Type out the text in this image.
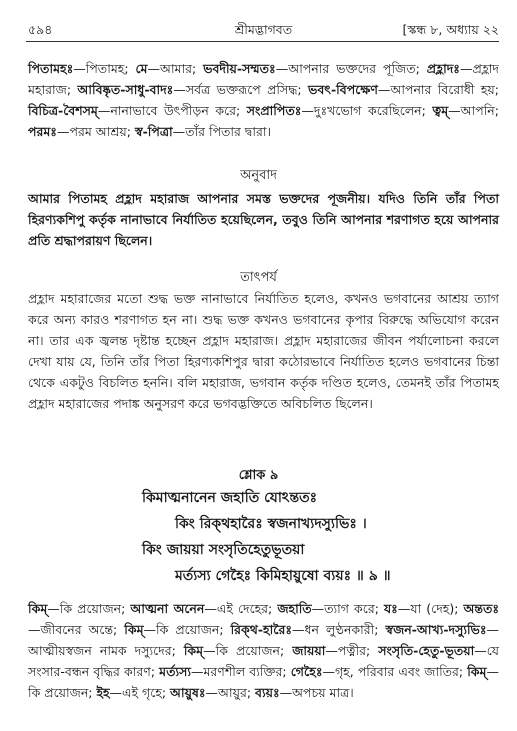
৫৯৪	শ্রীমদ্ভাগবত	[স্কন্ধ ৮, অধ্যায় ২২
পিতামহঃ—পিতামহ; মে—আমার; ভবদীয়-সম্মতঃ—আপনার ভক্তদের পূজিত; প্রহ্লাদঃ—প্রহ্লাদ মহারাজ; আবিষ্কৃত-সাধু-বাদঃ—সর্বত্র ভক্তরূপে প্রসিদ্ধ; ভবৎ-বিপক্ষেণ—আপনার বিরোধী হয়; বিচিত্র-বৈশসম্—নানাভাবে উৎপীড়ন করে; সংপ্রাপিতঃ—দুঃখভোগ করেছিলেন; ত্বম্—আপনি; পরমঃ—পরম আশ্রয়; স্ব-পিত্রা—তাঁর পিতার দ্বারা।
অনুবাদ
আমার পিতামহ প্রহ্লাদ মহারাজ আপনার সমস্ত ভক্তদের পূজনীয়। যদিও তিনি তাঁর পিতা হিরণ্যকশিপু কর্তৃক নানাভাবে নির্যাতিত হয়েছিলেন, তবুও তিনি আপনার শরণাগত হয়ে আপনার প্রতি শ্রদ্ধাপরায়ণ ছিলেন।
তাৎপর্য
প্রহ্লাদ মহারাজের মতো শুদ্ধ ভক্ত নানাভাবে নির্যাতিত হলেও, কখনও ভগবানের আশ্রয় ত্যাগ করে অন্য কারও শরণাগত হন না। শুদ্ধ ভক্ত কখনও ভগবানের কৃপার বিরুদ্ধে অভিযোগ করেন না। তার এক জ্বলন্ত দৃষ্টান্ত হচ্ছেন প্রহ্লাদ মহারাজ। প্রহ্লাদ মহারাজের জীবন পর্যালোচনা করলে দেখা যায় যে, তিনি তাঁর পিতা হিরণ্যকশিপুর দ্বারা কঠোরভাবে নির্যাতিত হলেও ভগবানের চিন্তা থেকে একটুও বিচলিত হননি। বলি মহারাজ, ভগবান কর্তৃক দণ্ডিত হলেও, তেমনই তাঁর পিতামহ প্রহ্লাদ মহারাজের পদাঙ্ক অনুসরণ করে ভগবদ্ভক্তিতে অবিচলিত ছিলেন।
শ্লোক ৯
কিমাত্মনানেন জহাতি যোঽন্ততঃ
কিং রিক্থহারৈঃ স্বজনাখ্যদস্যুভিঃ ।
কিং জায়য়া সংসৃতিহেতুভূতয়া
মর্ত্যস্য গেহৈঃ কিমিহায়ুষো ব্যয়ঃ ॥ ৯ ॥
কিম্—কি প্রয়োজন; আত্মনা অনেন—এই দেহের; জহাতি—ত্যাগ করে; যঃ—যা (দেহ); অন্ততঃ—জীবনের অন্তে; কিম্—কি প্রয়োজন; রিক্থ-হারৈঃ—ধন লুণ্ঠনকারী; স্বজন-আখ্য-দস্যুভিঃ—আত্মীয়স্বজন নামক দস্যুদের; কিম্—কি প্রয়োজন; জায়য়া—পত্নীর; সংসৃতি-হেতু-ভূতয়া—যে সংসার-বন্ধন বৃদ্ধির কারণ; মর্ত্যস্য—মরণশীল ব্যক্তির; গেহৈঃ—গৃহ, পরিবার এবং জাতির; কিম্—কি প্রয়োজন; ইহ—এই গৃহে; আয়ুষঃ—আয়ুর; ব্যয়ঃ—অপচয় মাত্র।
